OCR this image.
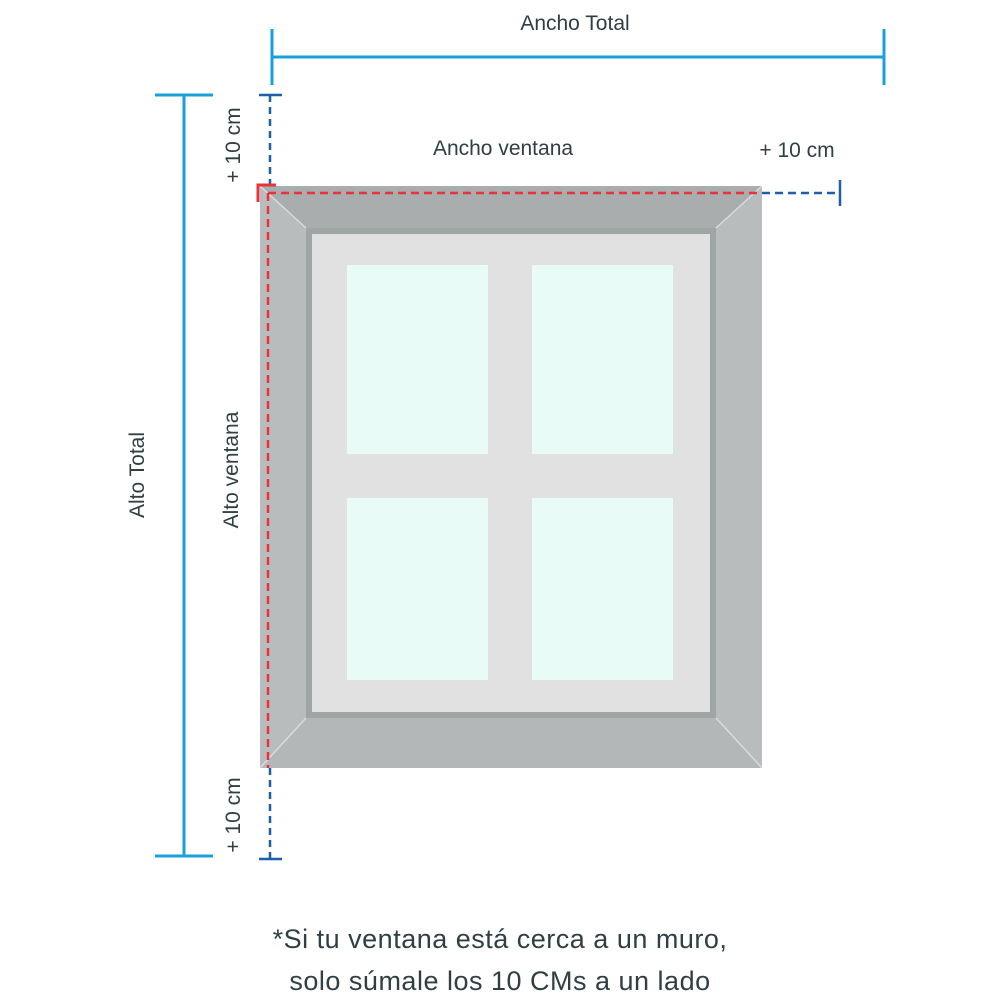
Ancho Total
Alto Total
+ 10 cm
+ 10 cm
+ 10 cm
Ancho ventana
Alto ventana
*Si tu ventana está cerca a un muro,
solo súmale los 10 CMs a un lado
